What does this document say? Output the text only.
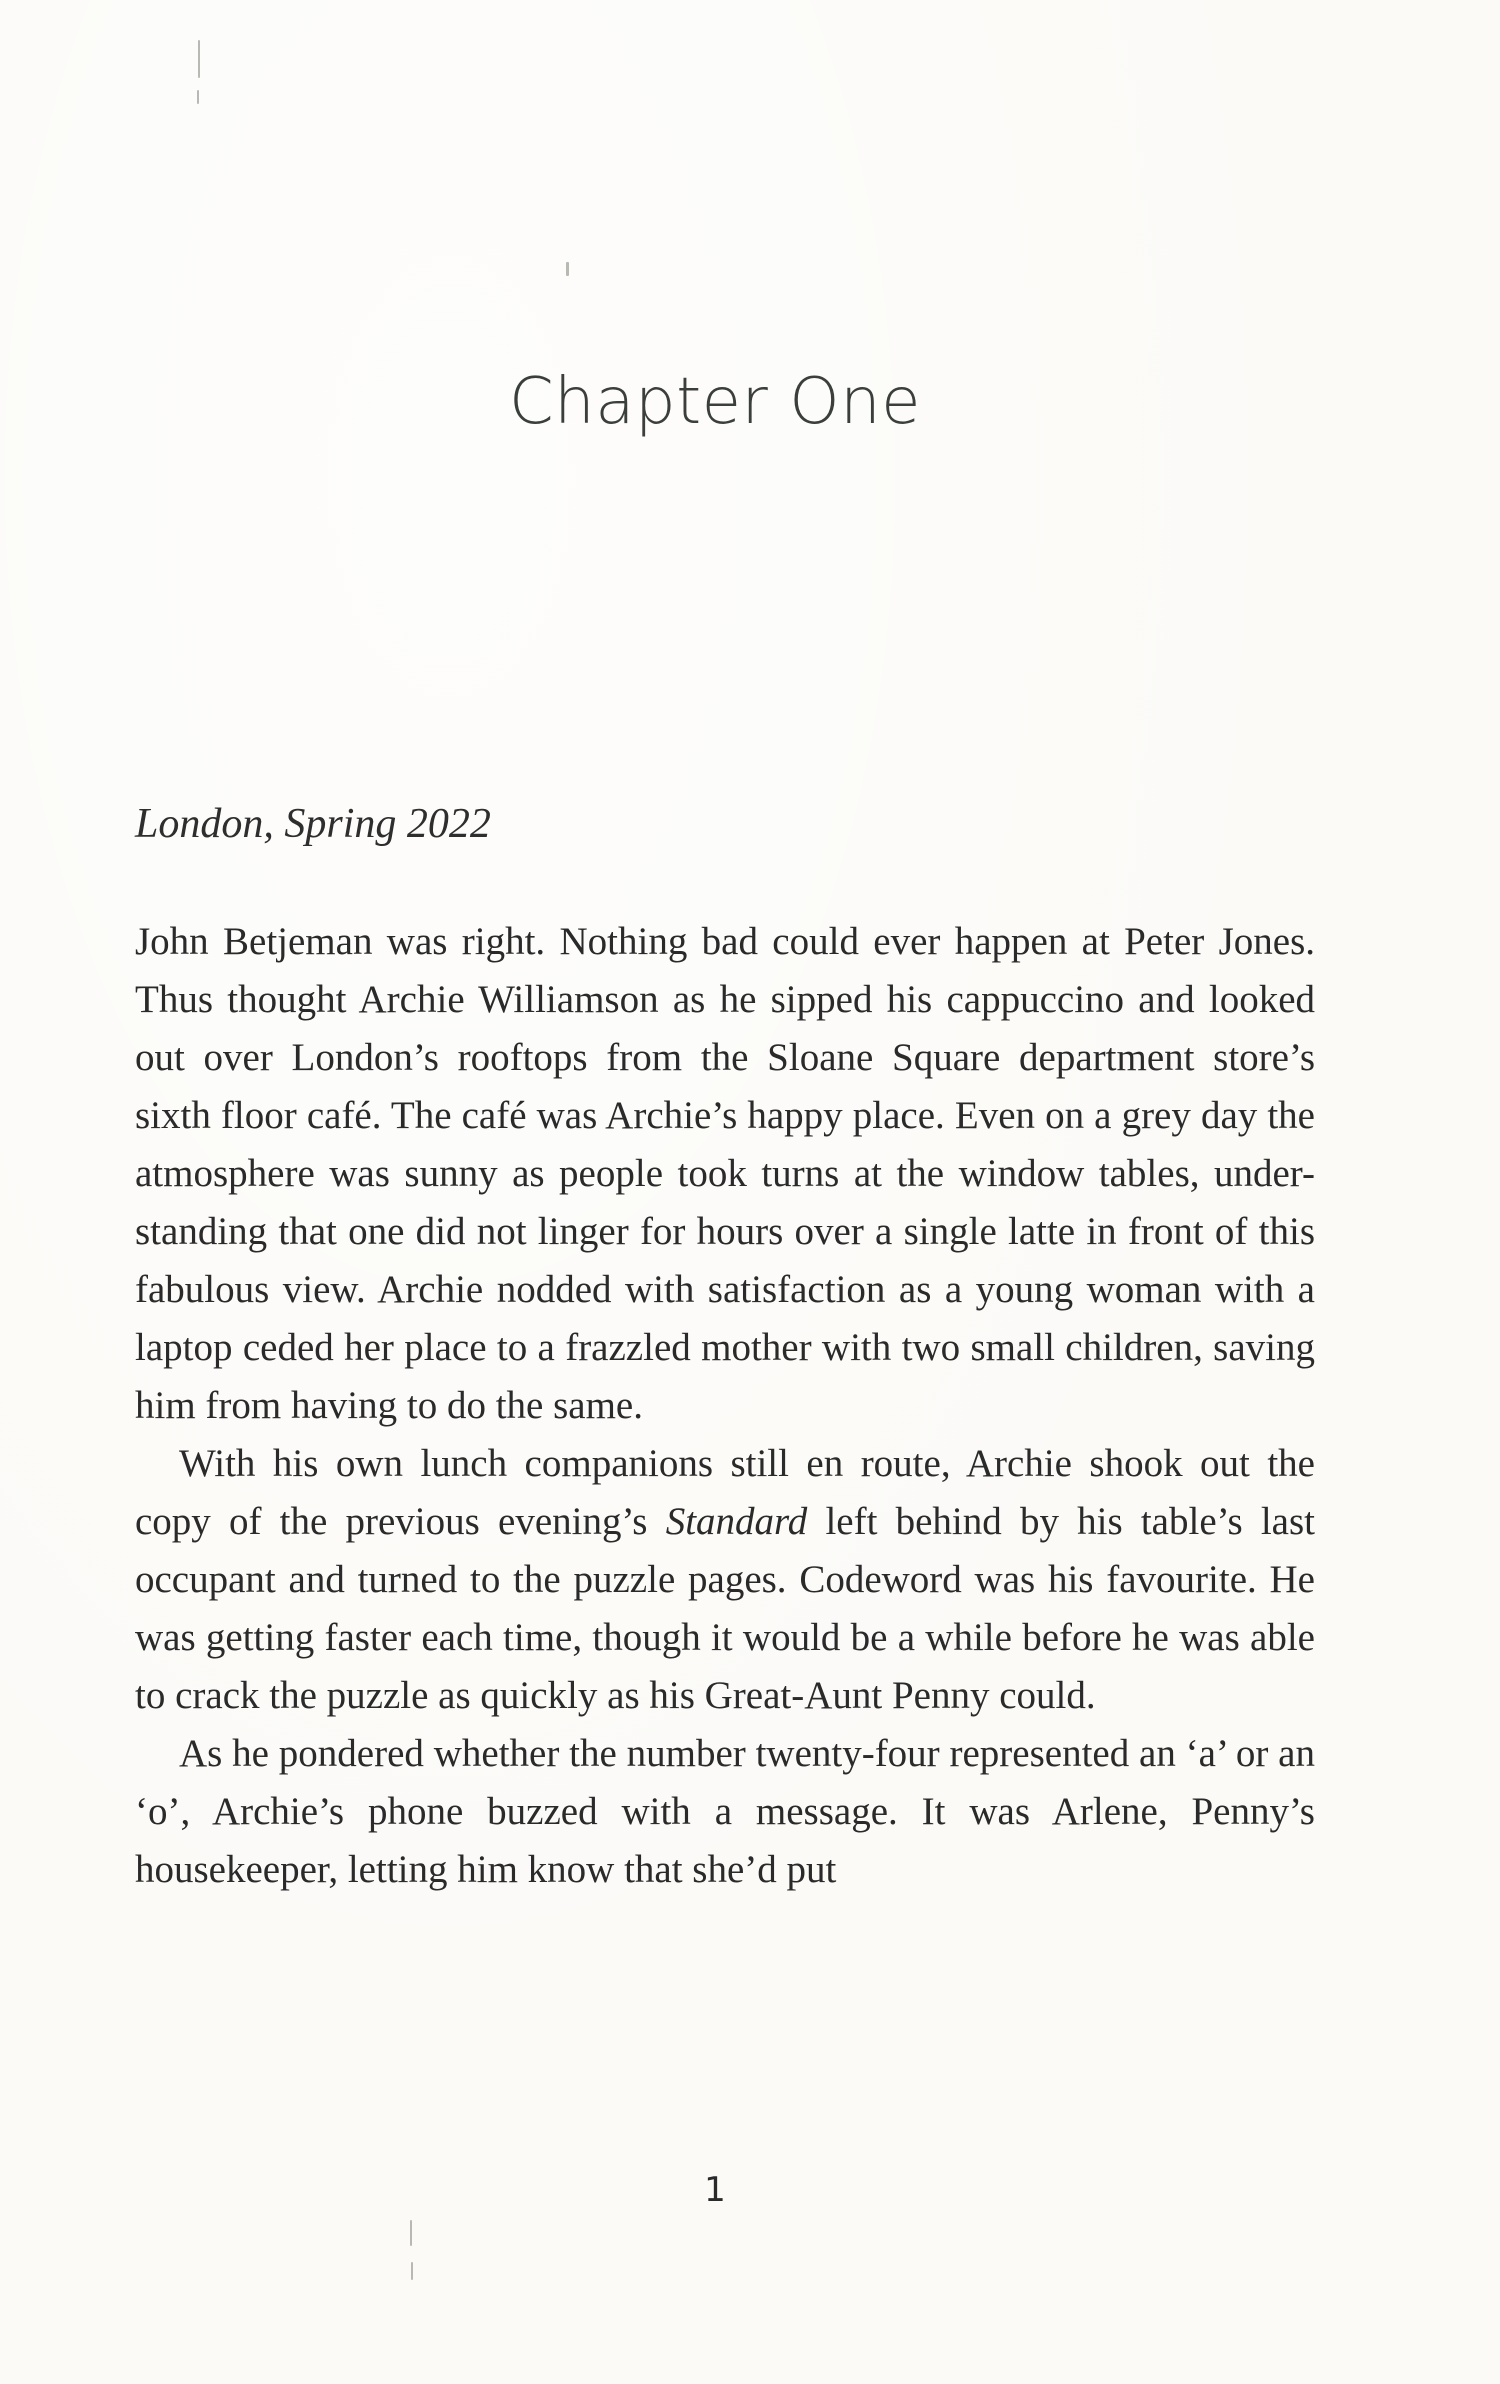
Chapter One
London, Spring 2022

John Betjeman was right. Nothing bad could ever happen at Peter Jones. Thus thought Archie Williamson as he sipped his cappuccino and looked out over London’s rooftops from the Sloane Square department store’s sixth floor café. The café was Archie’s happy place. Even on a grey day the atmosphere was sunny as people took turns at the window tables, under-standing that one did not linger for hours over a single latte in front of this fabulous view. Archie nodded with satisfaction as a young woman with a laptop ceded her place to a frazzled mother with two small children, saving him from having to do the same.

With his own lunch companions still en route, Archie shook out the copy of the previous evening’s Standard left behind by his table’s last occupant and turned to the puzzle pages. Codeword was his favourite. He was getting faster each time, though it would be a while before he was able to crack the puzzle as quickly as his Great-Aunt Penny could.

As he pondered whether the number twenty-four represented an ‘a’ or an ‘o’, Archie’s phone buzzed with a message. It was Arlene, Penny’s housekeeper, letting him know that she’d put

1
